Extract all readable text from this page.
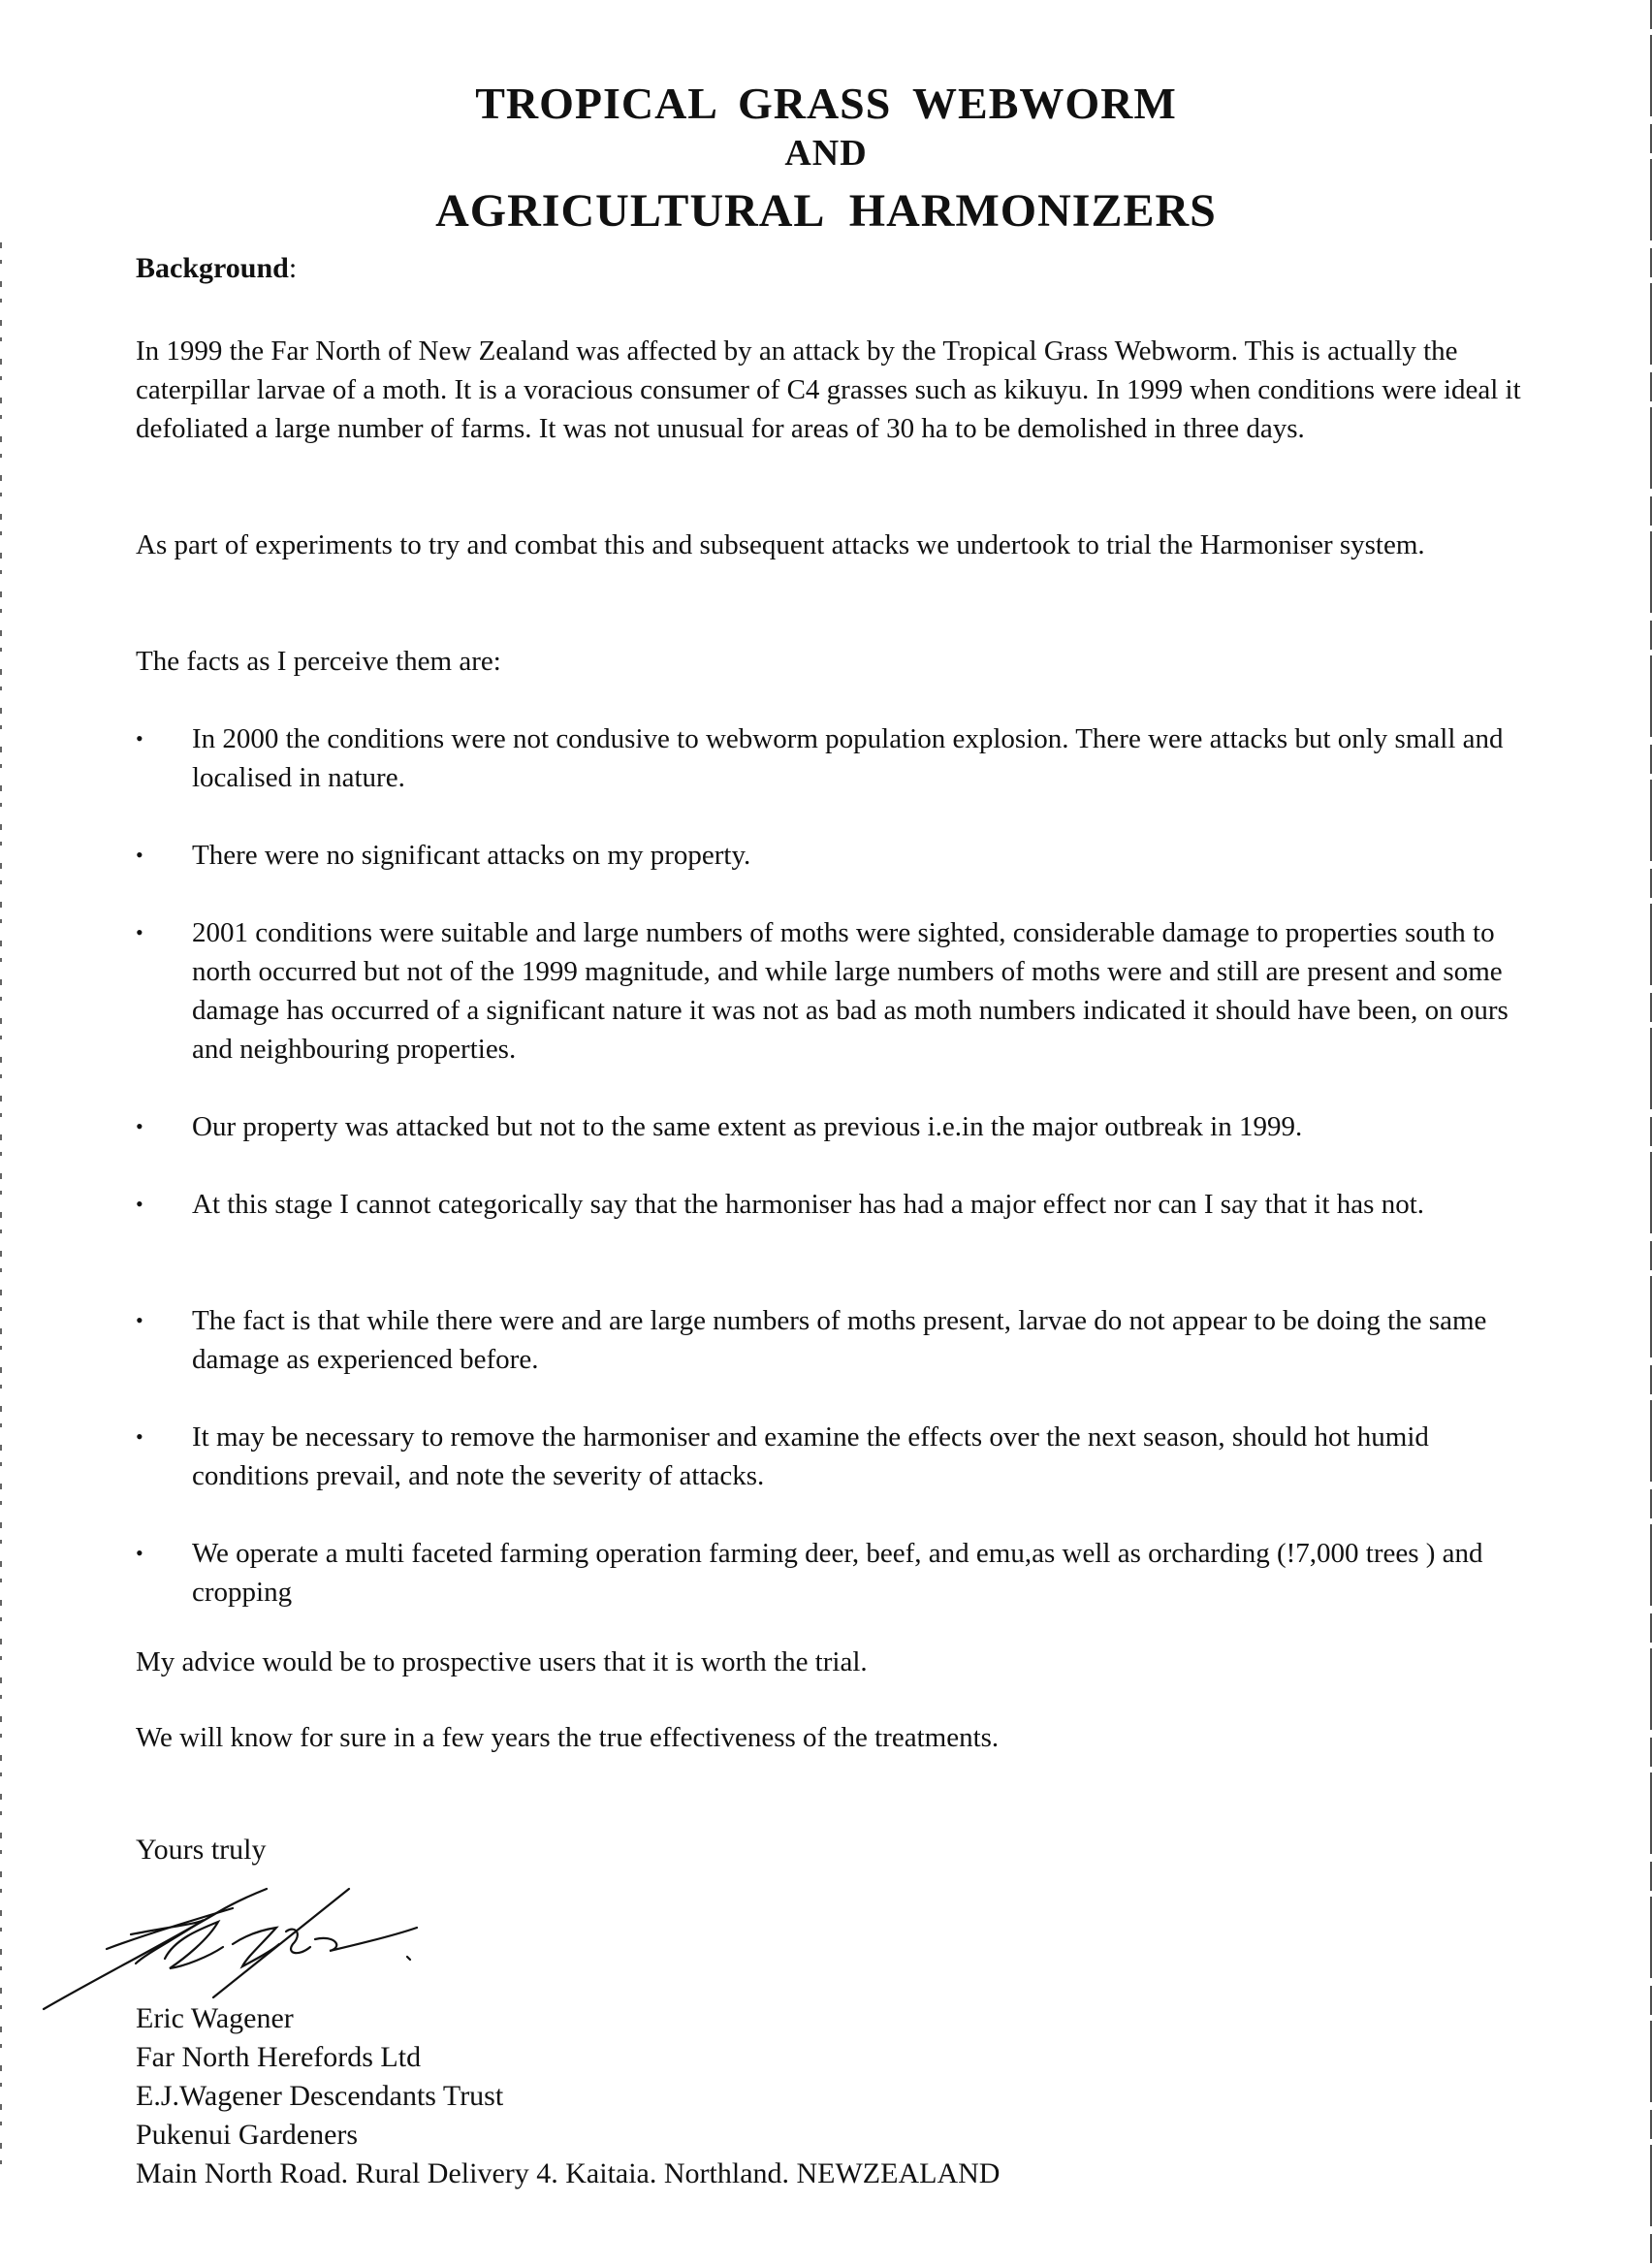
TROPICAL GRASS WEBWORM
AND
AGRICULTURAL HARMONIZERS
Background:
In 1999 the Far North of New Zealand was affected by an attack by the Tropical Grass Webworm. This is actually the caterpillar larvae of a moth. It is a voracious consumer of C4 grasses such as kikuyu. In 1999 when conditions were ideal it defoliated a large number of farms. It was not unusual for areas of 30 ha to be demolished in three days.
As part of experiments to try and combat this and subsequent attacks we undertook to trial the Harmoniser system.
The facts as I perceive them are:
•	In 2000 the conditions were not condusive to webworm population explosion. There were attacks but only small and localised in nature.
•	There were no significant attacks on my property.
•	2001 conditions were suitable and large numbers of moths were sighted, considerable damage to properties south to north occurred but not of the 1999 magnitude, and while large numbers of moths were and still are present and some damage has occurred of a significant nature it was not as bad as moth numbers indicated it should have been, on ours and neighbouring properties.
•	Our property was attacked but not to the same extent as previous i.e.in the major outbreak in 1999.
•	At this stage I cannot categorically say that the harmoniser has had a major effect nor can I say that it has not.
•	The fact is that while there were and are large numbers of moths present, larvae do not appear to be doing the same damage as experienced before.
•	It may be necessary to remove the harmoniser and examine the effects over the next season, should hot humid conditions prevail, and note the severity of attacks.
•	We operate a multi faceted farming operation farming deer, beef, and emu,as well as orcharding (!7,000 trees ) and cropping
My advice would be to prospective users that it is worth the trial.
We will know for sure in a few years the true effectiveness of the treatments.
Yours truly
Eric Wagener
Far North Herefords Ltd
E.J.Wagener Descendants Trust
Pukenui Gardeners
Main North Road. Rural Delivery 4. Kaitaia. Northland. NEWZEALAND
